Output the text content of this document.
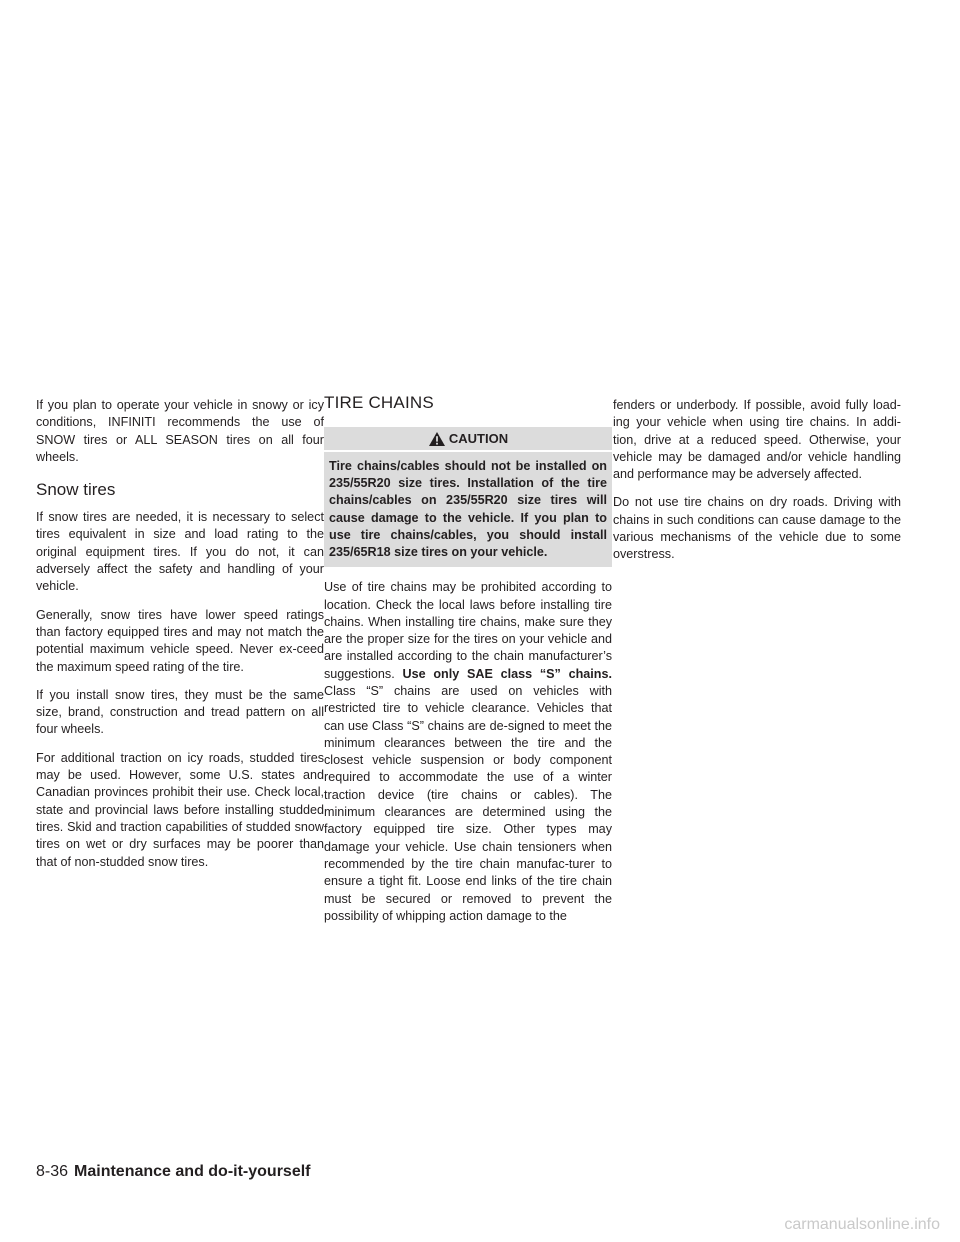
If you plan to operate your vehicle in snowy or icy conditions, INFINITI recommends the use of SNOW tires or ALL SEASON tires on all four wheels.

Snow tires

If snow tires are needed, it is necessary to select tires equivalent in size and load rating to the original equipment tires. If you do not, it can adversely affect the safety and handling of your vehicle.

Generally, snow tires have lower speed ratings than factory equipped tires and may not match the potential maximum vehicle speed. Never ex-ceed the maximum speed rating of the tire.

If you install snow tires, they must be the same size, brand, construction and tread pattern on all four wheels.

For additional traction on icy roads, studded tires may be used. However, some U.S. states and Canadian provinces prohibit their use. Check local, state and provincial laws before installing studded tires. Skid and traction capabilities of studded snow tires on wet or dry surfaces may be poorer than that of non-studded snow tires.

TIRE CHAINS
CAUTION
Tire chains/cables should not be installed on 235/55R20 size tires. Installation of the tire chains/cables on 235/55R20 size tires will cause damage to the vehicle. If you plan to use tire chains/cables, you should install 235/65R18 size tires on your vehicle.

Use of tire chains may be prohibited according to location. Check the local laws before installing tire chains. When installing tire chains, make sure they are the proper size for the tires on your vehicle and are installed according to the chain manufacturer’s suggestions. Use only SAE class “S” chains. Class “S” chains are used on vehicles with restricted tire to vehicle clearance. Vehicles that can use Class “S” chains are de-signed to meet the minimum clearances between the tire and the closest vehicle suspension or body component required to accommodate the use of a winter traction device (tire chains or cables). The minimum clearances are determined using the factory equipped tire size. Other types may damage your vehicle. Use chain tensioners when recommended by the tire chain manufac-turer to ensure a tight fit. Loose end links of the tire chain must be secured or removed to prevent the possibility of whipping action damage to the

fenders or underbody. If possible, avoid fully load-ing your vehicle when using tire chains. In addi-tion, drive at a reduced speed. Otherwise, your vehicle may be damaged and/or vehicle handling and performance may be adversely affected.

Do not use tire chains on dry roads. Driving with chains in such conditions can cause damage to the various mechanisms of the vehicle due to some overstress.

8-36 Maintenance and do-it-yourself
carmanualsonline.info
